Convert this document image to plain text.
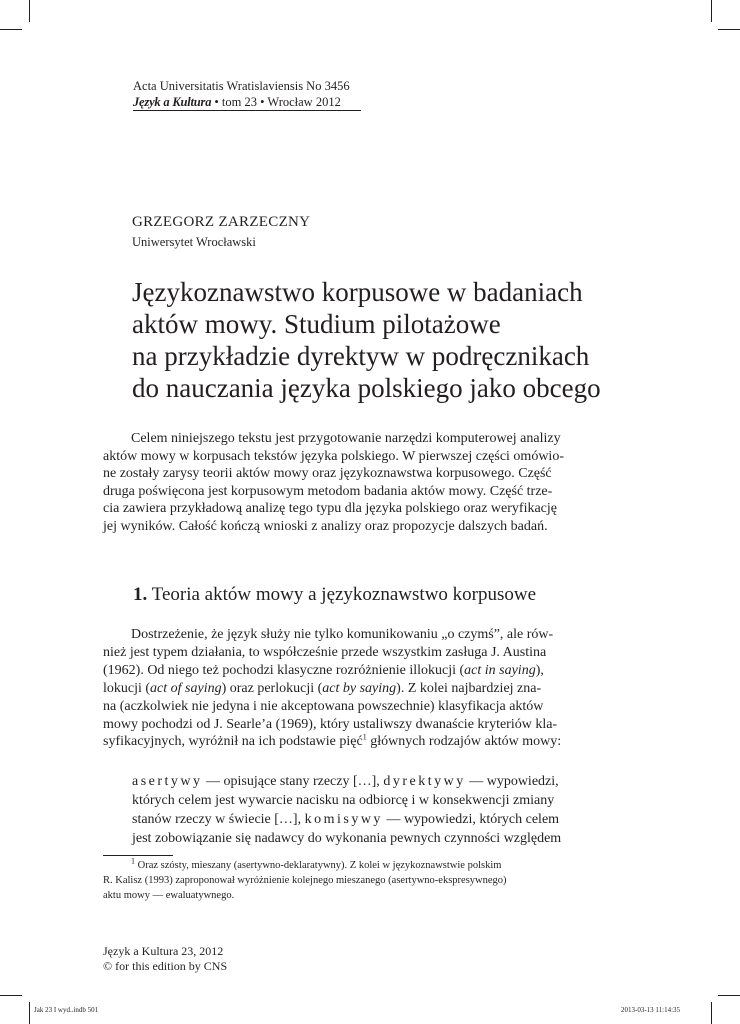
Acta Universitatis Wratislaviensis No 3456
Język a Kultura • tom 23 • Wrocław 2012
GRZEGORZ ZARZECZNY
Uniwersytet Wrocławski
Językoznawstwo korpusowe w badaniach
aktów mowy. Studium pilotażowe
na przykładzie dyrektyw w podręcznikach
do nauczania języka polskiego jako obcego

Celem niniejszego tekstu jest przygotowanie narzędzi komputerowej analizy
aktów mowy w korpusach tekstów języka polskiego. W pierwszej części omówio-
ne zostały zarysy teorii aktów mowy oraz językoznawstwa korpusowego. Część
druga poświęcona jest korpusowym metodom badania aktów mowy. Część trze-
cia zawiera przykładową analizę tego typu dla języka polskiego oraz weryfikację
jej wyników. Całość kończą wnioski z analizy oraz propozycje dalszych badań.

1. Teoria aktów mowy a językoznawstwo korpusowe

Dostrzeżenie, że język służy nie tylko komunikowaniu „o czymś”, ale rów-
nież jest typem działania, to współcześnie przede wszystkim zasługa J. Austina
(1962). Od niego też pochodzi klasyczne rozróżnienie illokucji (act in saying),
lokucji (act of saying) oraz perlokucji (act by saying). Z kolei najbardziej zna-
na (aczkolwiek nie jedyna i nie akceptowana powszechnie) klasyfikacja aktów
mowy pochodzi od J. Searle’a (1969), który ustaliwszy dwanaście kryteriów kla-
syfikacyjnych, wyróżnił na ich podstawie pięć$^1$ głównych rodzajów aktów mowy:

asertywy — opisujące stany rzeczy […], dyrektywy — wypowiedzi,
których celem jest wywarcie nacisku na odbiorcę i w konsekwencji zmiany
stanów rzeczy w świecie […], komisywy — wypowiedzi, których celem
jest zobowiązanie się nadawcy do wykonania pewnych czynności względem

$^1$ Oraz szósty, mieszany (asertywno-deklaratywny). Z kolei w językoznawstwie polskim
R. Kalisz (1993) zaproponował wyróżnienie kolejnego mieszanego (asertywno-ekspresywnego)
aktu mowy — ewaluatywnego.

Język a Kultura 23, 2012
© for this edition by CNS
Jak 23 I wyd..indb 501	2013-03-13 11:14:35
